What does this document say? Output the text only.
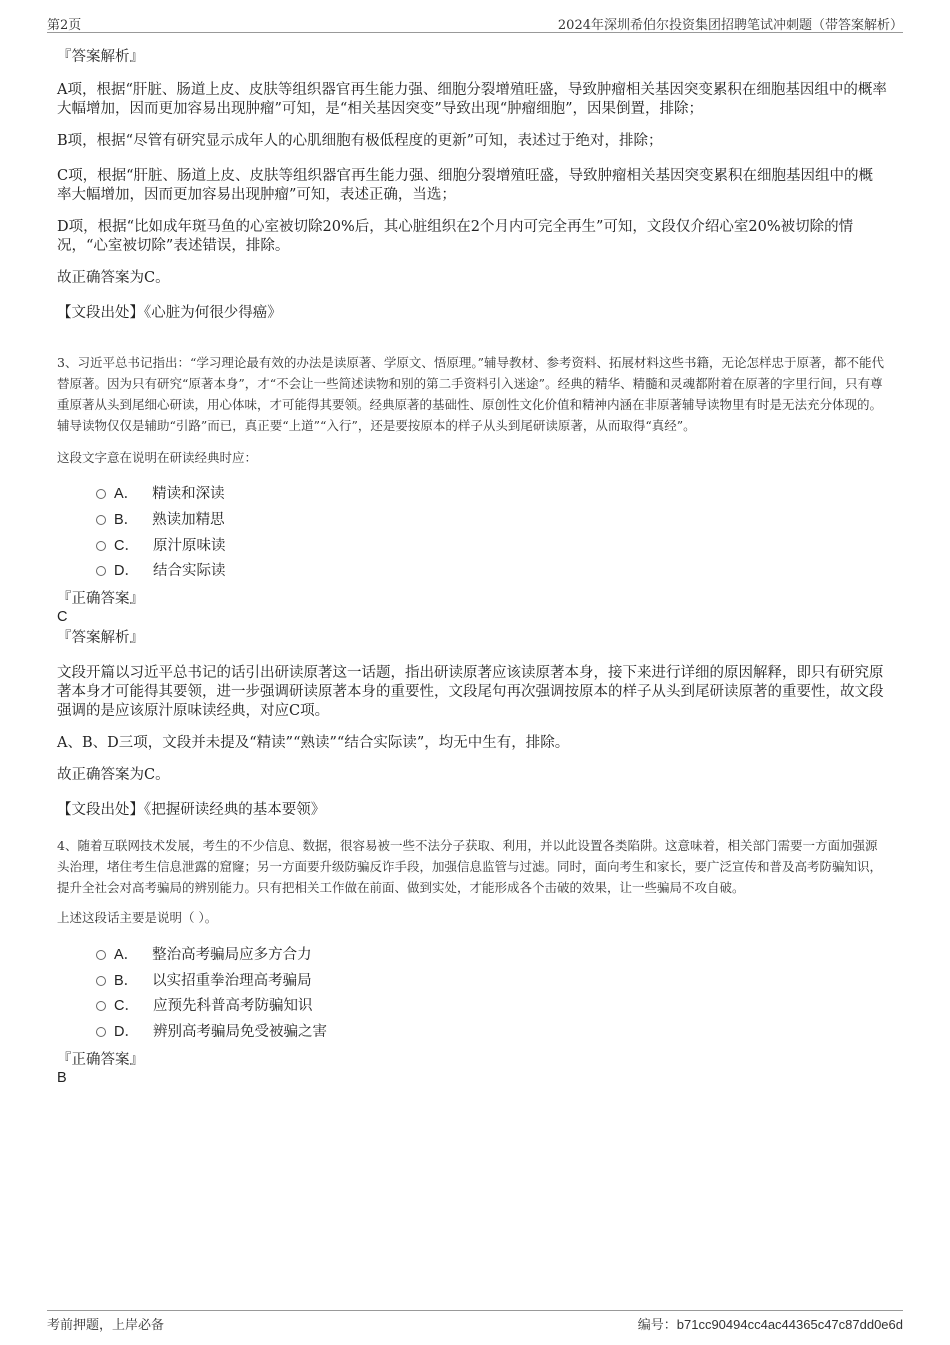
第2页	2024年深圳希伯尔投资集团招聘笔试冲刺题（带答案解析）
『答案解析』
A项，根据“肝脏、肠道上皮、皮肤等组织器官再生能力强、细胞分裂增殖旺盛，导致肿瘤相关基因突变累积在细胞基因组中的概率大幅增加，因而更加容易出现肿瘤”可知，是“相关基因突变”导致出现“肿瘤细胞”，因果倒置，排除；
B项，根据“尽管有研究显示成年人的心肌细胞有极低程度的更新”可知，表述过于绝对，排除；
C项，根据“肝脏、肠道上皮、皮肤等组织器官再生能力强、细胞分裂增殖旺盛，导致肿瘤相关基因突变累积在细胞基因组中的概率大幅增加，因而更加容易出现肿瘤”可知，表述正确，当选；
D项，根据“比如成年斑马鱼的心室被切除20%后，其心脏组织在2个月内可完全再生”可知，文段仅介绍心室20%被切除的情况，“心室被切除”表述错误，排除。
故正确答案为C。
【文段出处】《心脏为何很少得癌》
3、习近平总书记指出：“学习理论最有效的办法是读原著、学原文、悟原理。”辅导教材、参考资料、拓展材料这些书籍，无论怎样忠于原著，都不能代替原著。因为只有研究“原著本身”，才“不会让一些简述读物和别的第二手资料引入迷途”。经典的精华、精髓和灵魂都附着在原著的字里行间，只有尊重原著从头到尾细心研读，用心体味，才可能得其要领。经典原著的基础性、原创性文化价值和精神内涵在非原著辅导读物里有时是无法充分体现的。辅导读物仅仅是辅助“引路”而已，真正要“上道”“入行”，还是要按原本的样子从头到尾研读原著，从而取得“真经”。
这段文字意在说明在研读经典时应：
A． 精读和深读
B． 熟读加精思
C． 原汁原味读
D． 结合实际读
『正确答案』
C
『答案解析』
文段开篇以习近平总书记的话引出研读原著这一话题，指出研读原著应该读原著本身，接下来进行详细的原因解释，即只有研究原著本身才可能得其要领，进一步强调研读原著本身的重要性，文段尾句再次强调按原本的样子从头到尾研读原著的重要性，故文段强调的是应该原汁原味读经典，对应C项。
A、B、D三项，文段并未提及“精读”“熟读”“结合实际读”，均无中生有，排除。
故正确答案为C。
【文段出处】《把握研读经典的基本要领》
4、随着互联网技术发展，考生的不少信息、数据，很容易被一些不法分子获取、利用，并以此设置各类陷阱。这意味着，相关部门需要一方面加强源头治理，堵住考生信息泄露的窟窿；另一方面要升级防骗反诈手段，加强信息监管与过滤。同时，面向考生和家长，要广泛宣传和普及高考防骗知识，提升全社会对高考骗局的辨别能力。只有把相关工作做在前面、做到实处，才能形成各个击破的效果，让一些骗局不攻自破。
上述这段话主要是说明（ ）。
A． 整治高考骗局应多方合力
B． 以实招重拳治理高考骗局
C． 应预先科普高考防骗知识
D． 辨别高考骗局免受被骗之害
『正确答案』
B
考前押题，上岸必备	编号：b71cc90494cc4ac44365c47c87dd0e6d
